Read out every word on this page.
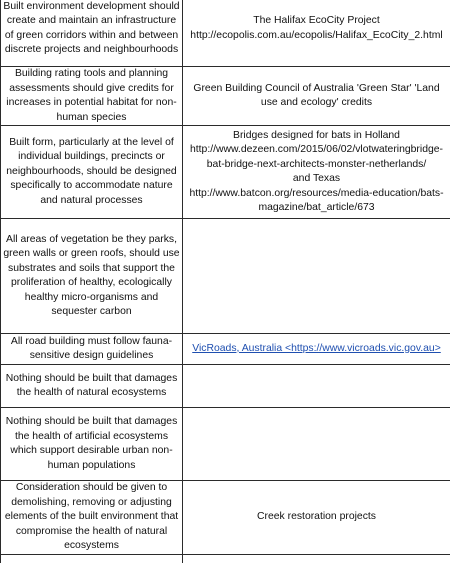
Built environment development should create and maintain an infrastructure of green corridors within and between discrete projects and neighbourhoods	The Halifax EcoCity Project
http://ecopolis.com.au/ecopolis/Halifax_EcoCity_2.html

Building rating tools and planning assessments should give credits for increases in potential habitat for non-human species	Green Building Council of Australia 'Green Star' 'Land use and ecology' credits
Built form, particularly at the level of individual buildings, precincts or neighbourhoods, should be designed specifically to accommodate nature and natural processes	Bridges designed for bats in Holland
http://www.dezeen.com/2015/06/02/vlotwateringbridge-bat-bridge-next-architects-monster-netherlands/
and Texas
http://www.batcon.org/resources/media-education/bats-magazine/bat_article/673
All areas of vegetation be they parks, green walls or green roofs, should use substrates and soils that support the proliferation of healthy, ecologically healthy micro-organisms and sequester carbon	
All road building must follow fauna-sensitive design guidelines	VicRoads, Australia <https://www.vicroads.vic.gov.au>
Nothing should be built that damages the health of natural ecosystems	
Nothing should be built that damages the health of artificial ecosystems which support desirable urban non-human populations	
Consideration should be given to demolishing, removing or adjusting elements of the built environment that compromise the health of natural ecosystems	Creek restoration projects
